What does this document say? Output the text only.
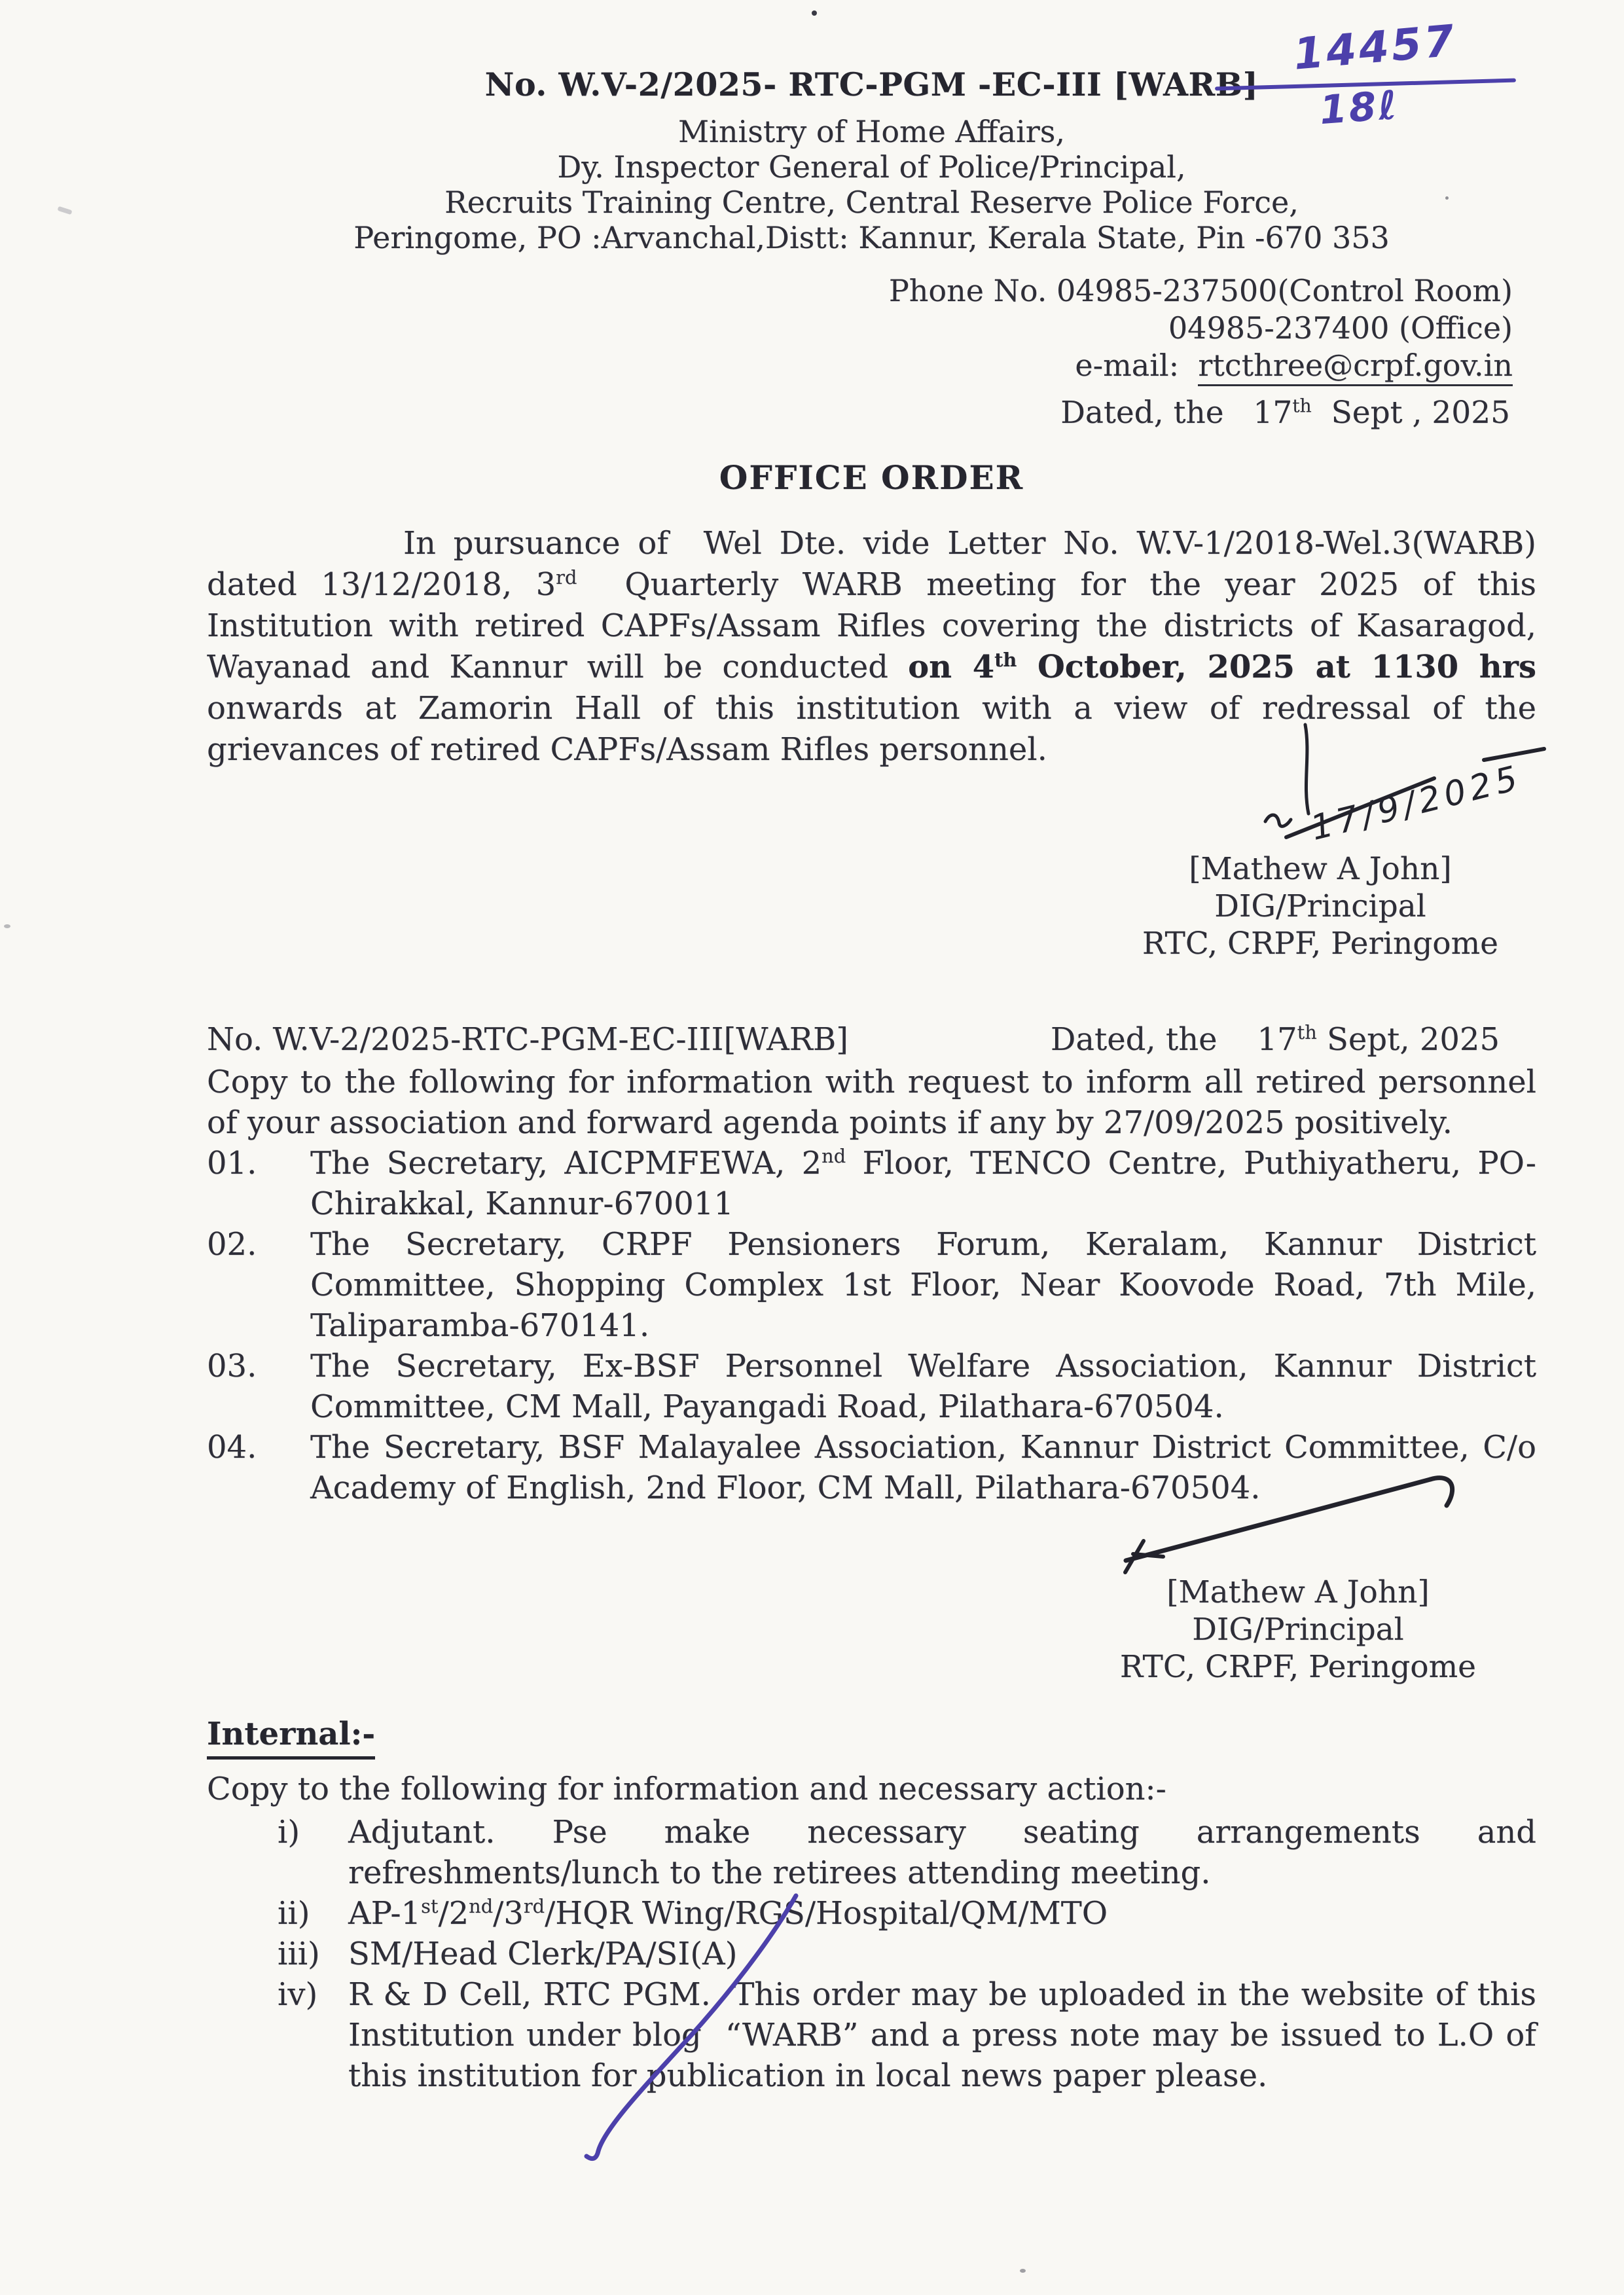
14457
18ℓ
No. W.V-2/2025- RTC-PGM -EC-III [WARB]
Ministry of Home Affairs,
Dy. Inspector General of Police/Principal,
Recruits Training Centre, Central Reserve Police Force,
Peringome, PO :Arvanchal,Distt: Kannur, Kerala State, Pin -670 353
Phone No. 04985-237500(Control Room)
04985-237400 (Office)
e-mail:  rtcthree@crpf.gov.in
Dated, the   17th  Sept , 2025
OFFICE ORDER

In pursuance of  Wel Dte. vide Letter No. W.V-1/2018-Wel.3(WARB) dated 13/12/2018, 3rd  Quarterly WARB meeting for the year 2025 of this Institution with retired CAPFs/Assam Rifles covering the districts of Kasaragod, Wayanad and Kannur will be conducted on 4th October, 2025 at 1130 hrs onwards at Zamorin Hall of this institution with a view of redressal of the grievances of retired CAPFs/Assam Rifles personnel.

17/9/2025
[Mathew A John]
DIG/Principal
RTC, CRPF, Peringome
No. W.V-2/2025-RTC-PGM-EC-III[WARB]	Dated, the    17th Sept, 2025

Copy to the following for information with request to inform all retired personnel of your association and forward agenda points if any by 27/09/2025 positively.

01.	The Secretary, AICPMFEWA, 2nd Floor, TENCO Centre, Puthiyatheru, PO-Chirakkal, Kannur-670011
02.	The Secretary, CRPF Pensioners Forum, Keralam, Kannur District Committee, Shopping Complex 1st Floor, Near Koovode Road, 7th Mile, Taliparamba-670141.
03.	The Secretary, Ex-BSF Personnel Welfare Association, Kannur District Committee, CM Mall, Payangadi Road, Pilathara-670504.
04.	The Secretary, BSF Malayalee Association, Kannur District Committee, C/o Academy of English, 2nd Floor, CM Mall, Pilathara-670504.
[Mathew A John]
DIG/Principal
RTC, CRPF, Peringome
Internal:-

Copy to the following for information and necessary action:-

i)	Adjutant. Pse make necessary seating arrangements and refreshments/lunch to the retirees attending meeting.
ii)	AP-1st/2nd/3rd/HQR Wing/RGS/Hospital/QM/MTO
iii) SM/Head Clerk/PA/SI(A)
iv) R & D Cell, RTC PGM.  This order may be uploaded in the website of this Institution under blog  “WARB” and a press note may be issued to L.O of this institution for publication in local news paper please.
